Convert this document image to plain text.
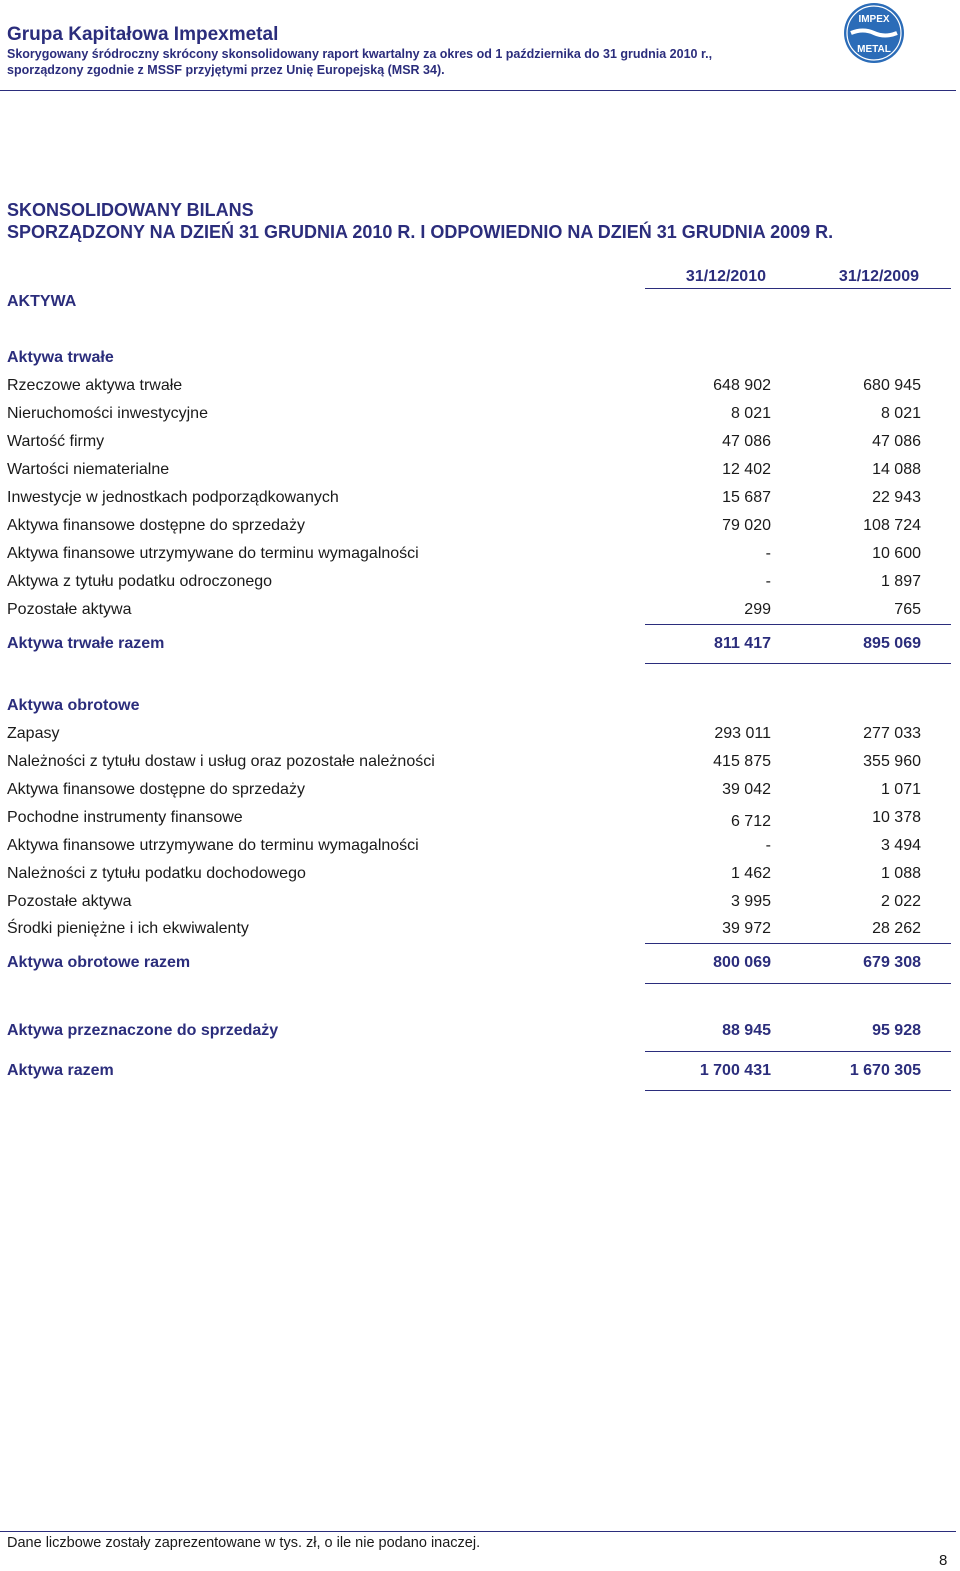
Grupa Kapitałowa Impexmetal
Skorygowany śródroczny skrócony skonsolidowany raport kwartalny za okres od 1 października do 31 grudnia 2010 r.,
sporządzony zgodnie z MSSF przyjętymi przez Unię Europejską (MSR 34).
IMPEX
METAL
SKONSOLIDOWANY BILANS
SPORZĄDZONY NA DZIEŃ 31 GRUDNIA 2010 R. I ODPOWIEDNIO NA DZIEŃ 31 GRUDNIA 2009 R.
31/12/2010	31/12/2009
AKTYWA
Aktywa trwałe
Rzeczowe aktywa trwałe	648 902	680 945
Nieruchomości inwestycyjne	8 021	8 021
Wartość firmy	47 086	47 086
Wartości niematerialne	12 402	14 088
Inwestycje w jednostkach podporządkowanych	15 687	22 943
Aktywa finansowe dostępne do sprzedaży	79 020	108 724
Aktywa finansowe utrzymywane do terminu wymagalności	-	10 600
Aktywa z tytułu podatku odroczonego	-	1 897
Pozostałe aktywa	299	765
Aktywa trwałe razem	811 417	895 069
Aktywa obrotowe
Zapasy	293 011	277 033
Należności z tytułu dostaw i usług oraz pozostałe należności	415 875	355 960
Aktywa finansowe dostępne do sprzedaży	39 042	1 071
Pochodne instrumenty finansowe	6 712	10 378
Aktywa finansowe utrzymywane do terminu wymagalności	-	3 494
Należności z tytułu podatku dochodowego	1 462	1 088
Pozostałe aktywa	3 995	2 022
Środki pieniężne i ich ekwiwalenty	39 972	28 262
Aktywa obrotowe razem	800 069	679 308
Aktywa przeznaczone do sprzedaży	88 945	95 928
Aktywa razem	1 700 431	1 670 305
Dane liczbowe zostały zaprezentowane w tys. zł, o ile nie podano inaczej.
8
